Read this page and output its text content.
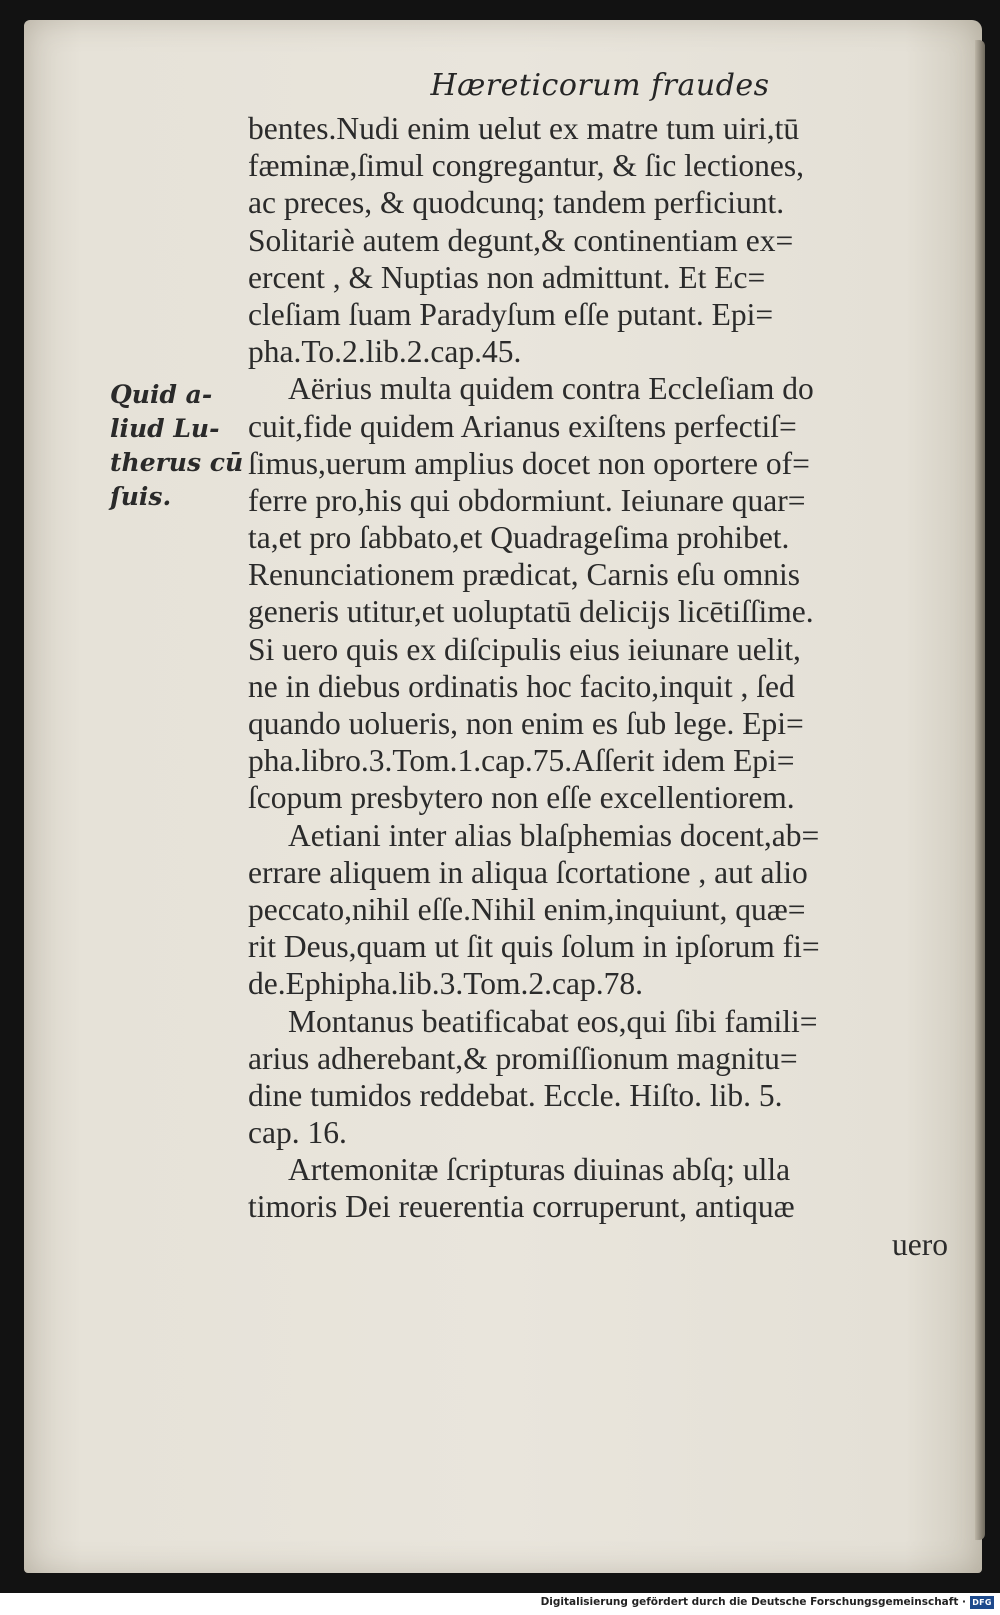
Hæreticorum fraudes
Quid a-
liud Lu-
therus cū
ſuis.
bentes.Nudi enim uelut ex matre tum uiri,tū
fæminæ,ſimul congregantur, & ſic lectiones,
ac preces, & quodcunq; tandem perficiunt.
Solitariè autem degunt,& continentiam ex=
ercent , & Nuptias non admittunt. Et Ec=
cleſiam ſuam Paradyſum eſſe putant. Epi=
pha.To.2.lib.2.cap.45.
Aërius multa quidem contra Eccleſiam do
cuit,fide quidem Arianus exiſtens perfectiſ=
ſimus,uerum amplius docet non oportere of=
ferre pro,his qui obdormiunt. Ieiunare quar=
ta,et pro ſabbato,et Quadrageſima prohibet.
Renunciationem prædicat, Carnis eſu omnis
generis utitur,et uoluptatū delicijs licētiſſime.
Si uero quis ex diſcipulis eius ieiunare uelit,
ne in diebus ordinatis hoc facito,inquit , ſed
quando uolueris, non enim es ſub lege. Epi=
pha.libro.3.Tom.1.cap.75.Aſſerit idem Epi=
ſcopum presbytero non eſſe excellentiorem.
Aetiani inter alias blaſphemias docent,ab=
errare aliquem in aliqua ſcortatione , aut alio
peccato,nihil eſſe.Nihil enim,inquiunt, quæ=
rit Deus,quam ut ſit quis ſolum in ipſorum fi=
de.Ephipha.lib.3.Tom.2.cap.78.
Montanus beatificabat eos,qui ſibi famili=
arius adherebant,& promiſſionum magnitu=
dine tumidos reddebat. Eccle. Hiſto. lib. 5.
cap. 16.
Artemonitæ ſcripturas diuinas abſq; ulla
timoris Dei reuerentia corruperunt, antiquæ
uero
Digitalisierung gefördert durch die Deutsche Forschungsgemeinschaft · DFG
